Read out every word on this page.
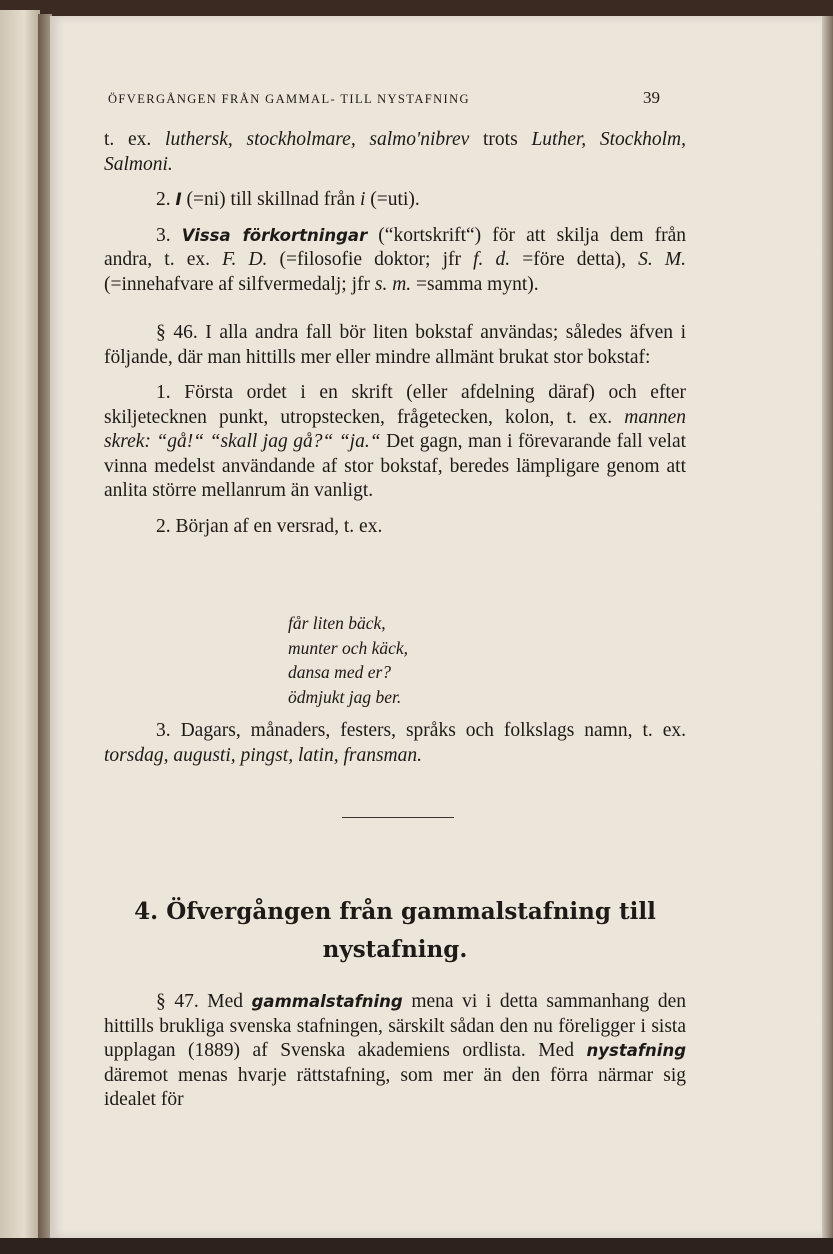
ÖFVERGÅNGEN FRÅN GAMMAL- TILL NYSTAFNING	39

t. ex. luthersk, stockholmare, salmo'nibrev trots Luther, Stockholm, Salmoni.

2. I (=ni) till skillnad från i (=uti).

3. Vissa förkortningar (“kortskrift“) för att skilja dem från andra, t. ex. F. D. (=filosofie doktor; jfr f. d. =före detta), S. M. (=innehafvare af silfvermedalj; jfr s. m. =samma mynt).

§ 46. I alla andra fall bör liten bokstaf användas; således äfven i följande, där man hittills mer eller mindre allmänt brukat stor bokstaf:

1. Första ordet i en skrift (eller afdelning däraf) och efter skiljetecknen punkt, utropstecken, frågetecken, kolon, t. ex. mannen skrek: “gå!“ “skall jag gå?“ “ja.“ Det gagn, man i förevarande fall velat vinna medelst användande af stor bokstaf, beredes lämpligare genom att anlita större mellanrum än vanligt.

2. Början af en versrad, t. ex.

får liten bäck,
munter och käck,
dansa med er?
ödmjukt jag ber.

3. Dagars, månaders, festers, språks och folkslags namn, t. ex. torsdag, augusti, pingst, latin, fransman.

4. Öfvergången från gammalstafning till
nystafning.

§ 47. Med gammalstafning mena vi i detta sammanhang den hittills brukliga svenska stafningen, särskilt sådan den nu föreligger i sista upplagan (1889) af Svenska akademiens ordlista. Med nystafning däremot menas hvarje rättstafning, som mer än den förra närmar sig idealet för
